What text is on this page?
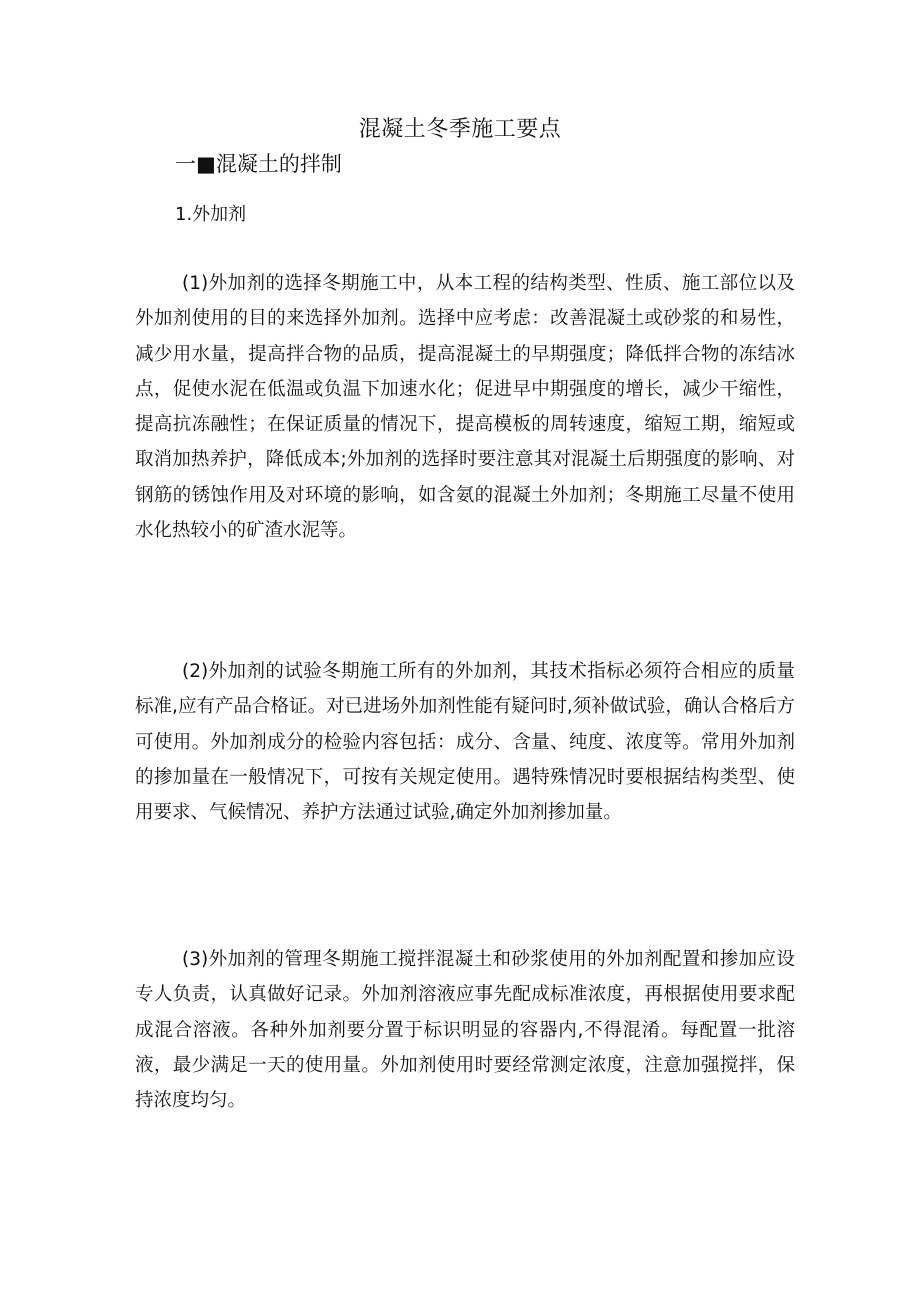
混凝土冬季施工要点
一■混凝土的拌制
1.外加剂

(1)外加剂的选择冬期施工中，从本工程的结构类型、性质、施工部位以及外加剂使用的目的来选择外加剂。选择中应考虑：改善混凝土或砂浆的和易性，减少用水量，提高拌合物的品质，提高混凝土的早期强度；降低拌合物的冻结冰点，促使水泥在低温或负温下加速水化；促进早中期强度的增长，减少干缩性，提高抗冻融性；在保证质量的情况下，提高模板的周转速度，缩短工期，缩短或取消加热养护，降低成本;外加剂的选择时要注意其对混凝土后期强度的影响、对钢筋的锈蚀作用及对环境的影响，如含氨的混凝土外加剂；冬期施工尽量不使用水化热较小的矿渣水泥等。

(2)外加剂的试验冬期施工所有的外加剂，其技术指标必须符合相应的质量标准,应有产品合格证。对已进场外加剂性能有疑问时,须补做试验，确认合格后方可使用。外加剂成分的检验内容包括：成分、含量、纯度、浓度等。常用外加剂的掺加量在一般情况下，可按有关规定使用。遇特殊情况时要根据结构类型、使用要求、气候情况、养护方法通过试验,确定外加剂掺加量。

(3)外加剂的管理冬期施工搅拌混凝土和砂浆使用的外加剂配置和掺加应设专人负责，认真做好记录。外加剂溶液应事先配成标准浓度，再根据使用要求配成混合溶液。各种外加剂要分置于标识明显的容器内,不得混淆。每配置一批溶液，最少满足一天的使用量。外加剂使用时要经常测定浓度，注意加强搅拌，保持浓度均匀。
